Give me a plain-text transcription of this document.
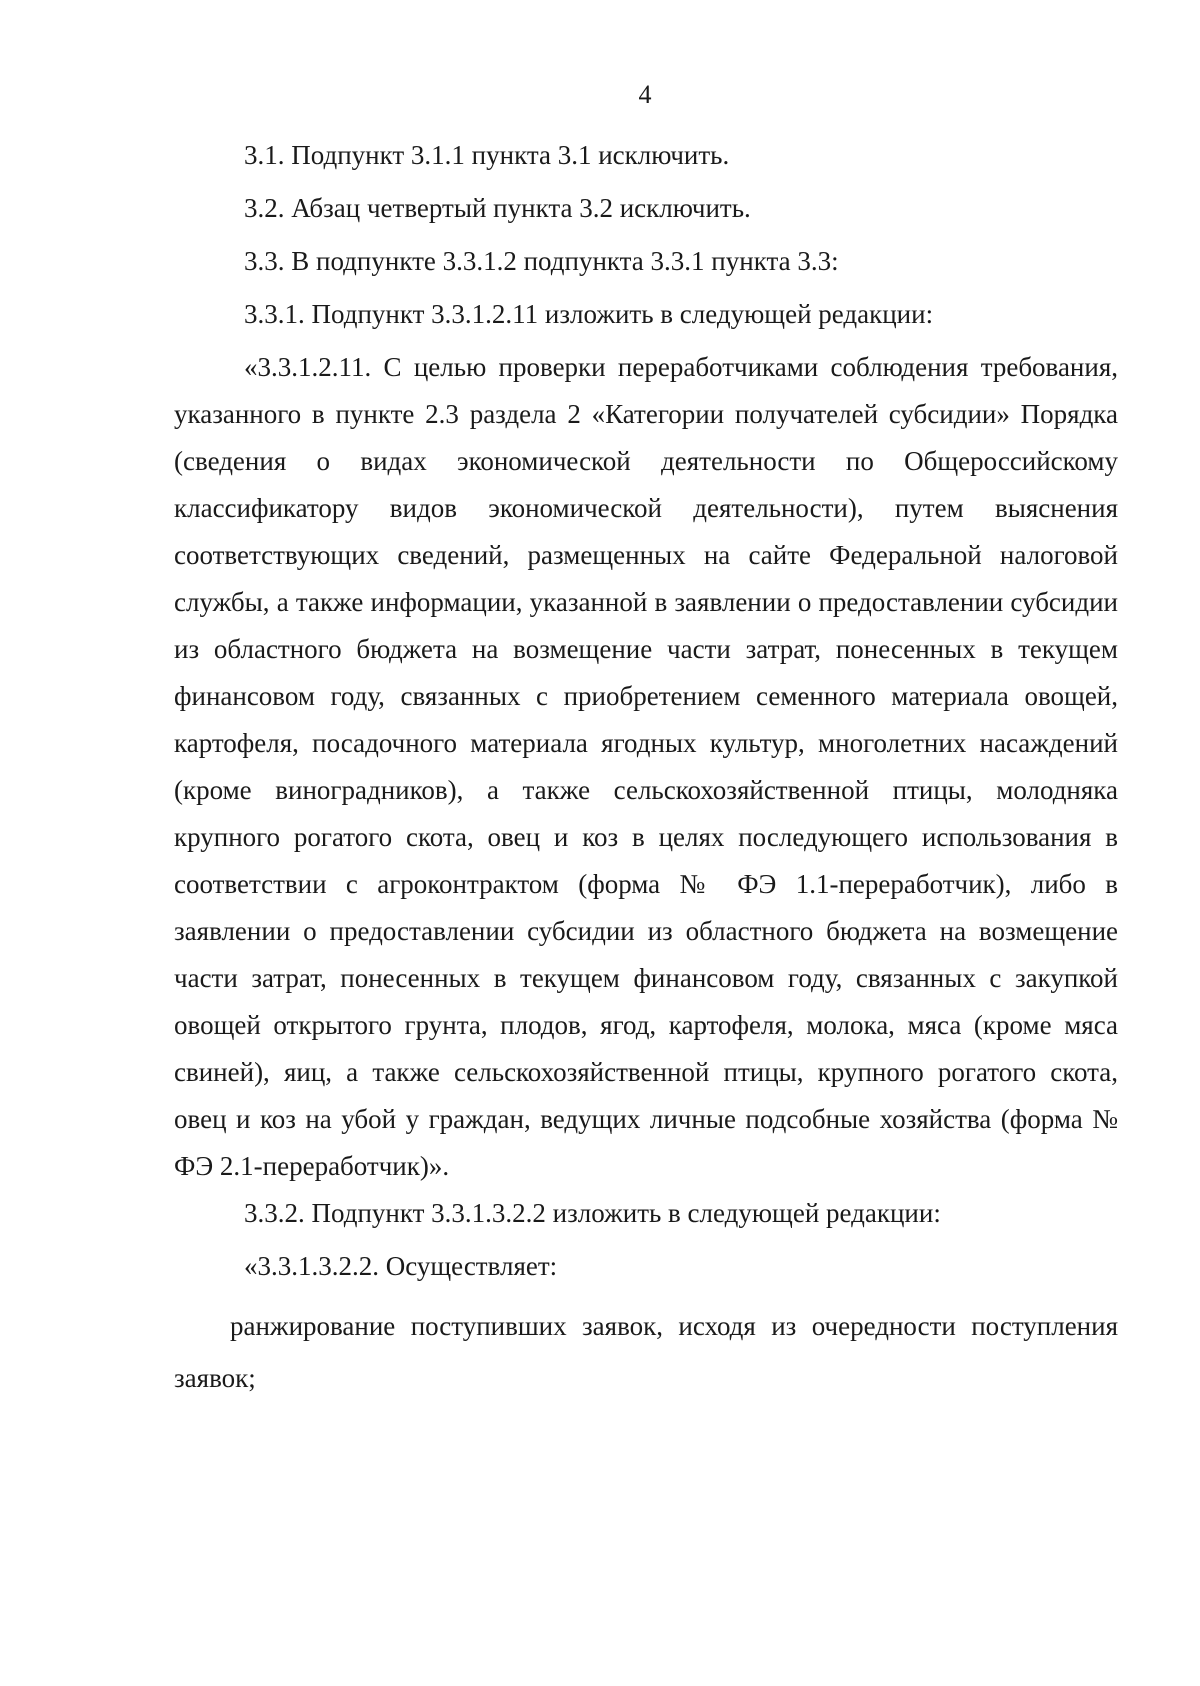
4

3.1. Подпункт 3.1.1 пункта 3.1 исключить.

3.2. Абзац четвертый пункта 3.2 исключить.

3.3. В подпункте 3.3.1.2 подпункта 3.3.1 пункта 3.3:

3.3.1. Подпункт 3.3.1.2.11 изложить в следующей редакции:

«3.3.1.2.11. С целью проверки переработчиками соблюдения требования, указанного в пункте 2.3 раздела 2 «Категории получателей субсидии» Порядка (сведения о видах экономической деятельности по Общероссийскому классификатору видов экономической деятельности), путем выяснения соответствующих сведений, размещенных на сайте Федеральной налоговой службы, а также информации, указанной в заявлении о предоставлении субсидии из областного бюджета на возмещение части затрат, понесенных в текущем финансовом году, связанных с приобретением семенного материала овощей, картофеля, посадочного материала ягодных культур, многолетних насаждений (кроме виноградников), а также сельскохозяйственной птицы, молодняка крупного рогатого скота, овец и коз в целях последующего использования в соответствии с агроконтрактом (форма № ФЭ 1.1-переработчик), либо в заявлении о предоставлении субсидии из областного бюджета на возмещение части затрат, понесенных в текущем финансовом году, связанных с закупкой овощей открытого грунта, плодов, ягод, картофеля, молока, мяса (кроме мяса свиней), яиц, а также сельскохозяйственной птицы, крупного рогатого скота, овец и коз на убой у граждан, ведущих личные подсобные хозяйства (форма № ФЭ 2.1-переработчик)».

3.3.2. Подпункт 3.3.1.3.2.2 изложить в следующей редакции:

«3.3.1.3.2.2. Осуществляет:

ранжирование поступивших заявок, исходя из очередности поступления заявок;
